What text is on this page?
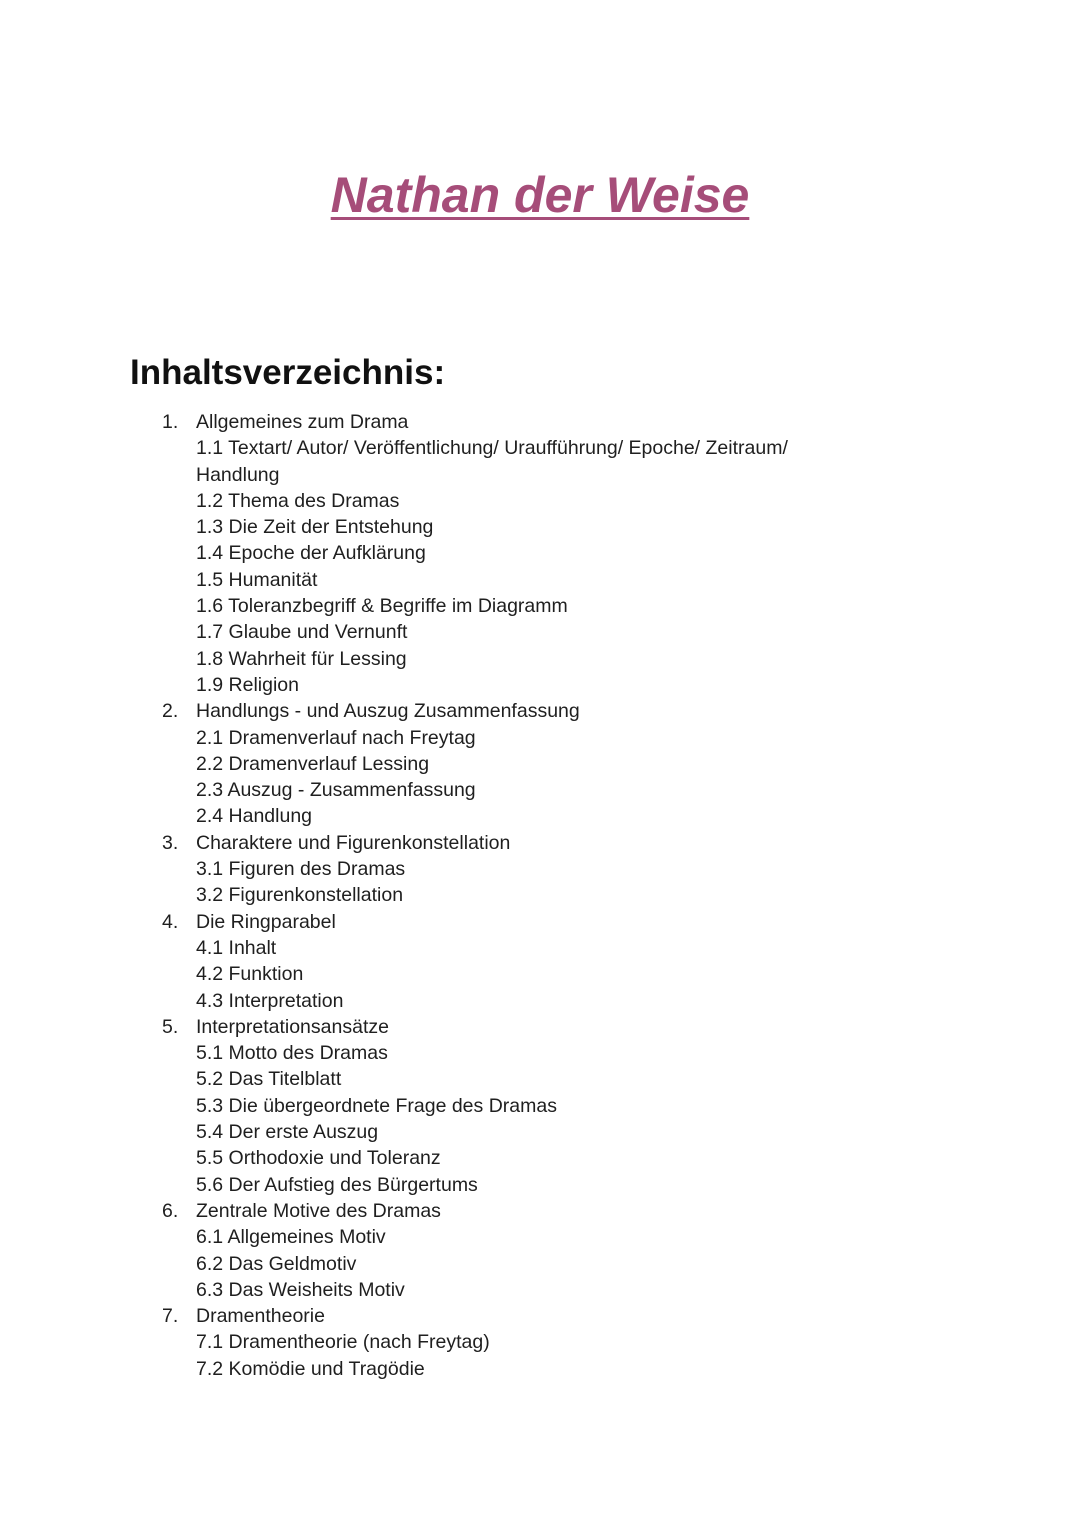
Nathan der Weise
Inhaltsverzeichnis:
1. Allgemeines zum Drama
1.1 Textart/ Autor/ Veröffentlichung/ Uraufführung/ Epoche/ Zeitraum/ Handlung
1.2 Thema des Dramas
1.3 Die Zeit der Entstehung
1.4 Epoche der Aufklärung
1.5 Humanität
1.6 Toleranzbegriff & Begriffe im Diagramm
1.7 Glaube und Vernunft
1.8 Wahrheit für Lessing
1.9 Religion
2. Handlungs - und Auszug Zusammenfassung
2.1 Dramenverlauf nach Freytag
2.2 Dramenverlauf Lessing
2.3 Auszug - Zusammenfassung
2.4 Handlung
3. Charaktere und Figurenkonstellation
3.1 Figuren des Dramas
3.2 Figurenkonstellation
4. Die Ringparabel
4.1 Inhalt
4.2 Funktion
4.3 Interpretation
5. Interpretationsansätze
5.1 Motto des Dramas
5.2 Das Titelblatt
5.3 Die übergeordnete Frage des Dramas
5.4 Der erste Auszug
5.5 Orthodoxie und Toleranz
5.6 Der Aufstieg des Bürgertums
6. Zentrale Motive des Dramas
6.1 Allgemeines Motiv
6.2 Das Geldmotiv
6.3 Das Weisheits Motiv
7. Dramentheorie
7.1 Dramentheorie (nach Freytag)
7.2 Komödie und Tragödie
